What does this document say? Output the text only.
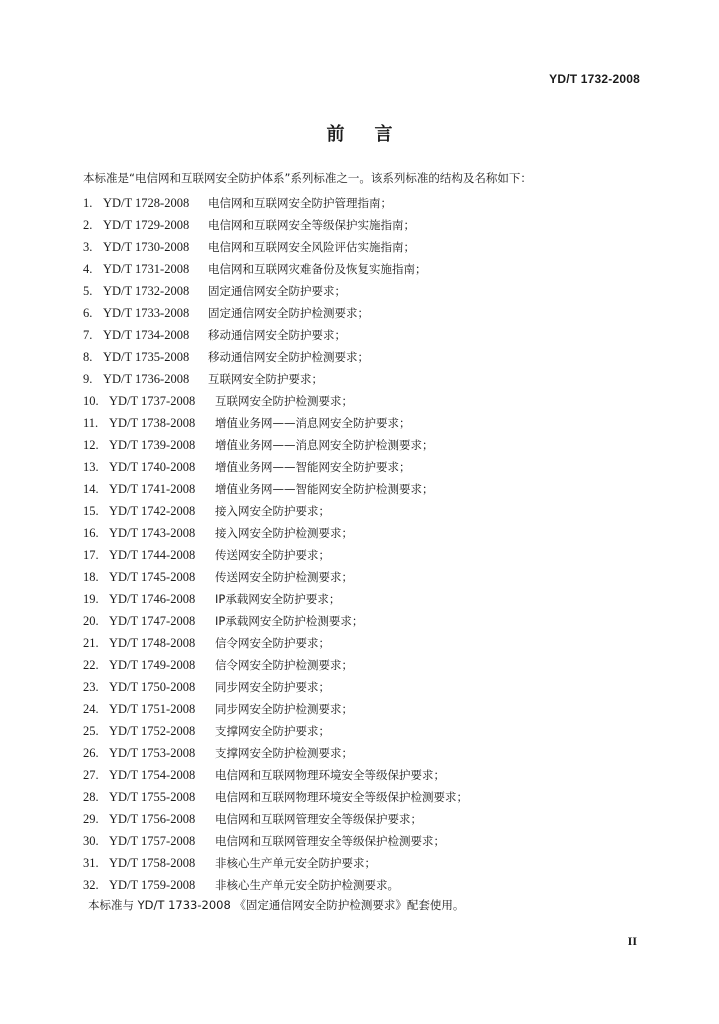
YD/T 1732-2008
前言
本标准是“电信网和互联网安全防护体系”系列标准之一。该系列标准的结构及名称如下：
1. YD/T 1728-2008 电信网和互联网安全防护管理指南；
2. YD/T 1729-2008 电信网和互联网安全等级保护实施指南；
3. YD/T 1730-2008 电信网和互联网安全风险评估实施指南；
4. YD/T 1731-2008 电信网和互联网灾难备份及恢复实施指南；
5. YD/T 1732-2008 固定通信网安全防护要求；
6. YD/T 1733-2008 固定通信网安全防护检测要求；
7. YD/T 1734-2008 移动通信网安全防护要求；
8. YD/T 1735-2008 移动通信网安全防护检测要求；
9. YD/T 1736-2008 互联网安全防护要求；
10. YD/T 1737-2008 互联网安全防护检测要求；
11. YD/T 1738-2008 增值业务网——消息网安全防护要求；
12. YD/T 1739-2008 增值业务网——消息网安全防护检测要求；
13. YD/T 1740-2008 增值业务网——智能网安全防护要求；
14. YD/T 1741-2008 增值业务网——智能网安全防护检测要求；
15. YD/T 1742-2008 接入网安全防护要求；
16. YD/T 1743-2008 接入网安全防护检测要求；
17. YD/T 1744-2008 传送网安全防护要求；
18. YD/T 1745-2008 传送网安全防护检测要求；
19. YD/T 1746-2008 IP承载网安全防护要求；
20. YD/T 1747-2008 IP承载网安全防护检测要求；
21. YD/T 1748-2008 信令网安全防护要求；
22. YD/T 1749-2008 信令网安全防护检测要求；
23. YD/T 1750-2008 同步网安全防护要求；
24. YD/T 1751-2008 同步网安全防护检测要求；
25. YD/T 1752-2008 支撑网安全防护要求；
26. YD/T 1753-2008 支撑网安全防护检测要求；
27. YD/T 1754-2008 电信网和互联网物理环境安全等级保护要求；
28. YD/T 1755-2008 电信网和互联网物理环境安全等级保护检测要求；
29. YD/T 1756-2008 电信网和互联网管理安全等级保护要求；
30. YD/T 1757-2008 电信网和互联网管理安全等级保护检测要求；
31. YD/T 1758-2008 非核心生产单元安全防护要求；
32. YD/T 1759-2008 非核心生产单元安全防护检测要求。
本标准与 YD/T 1733-2008 《固定通信网安全防护检测要求》配套使用。
II
